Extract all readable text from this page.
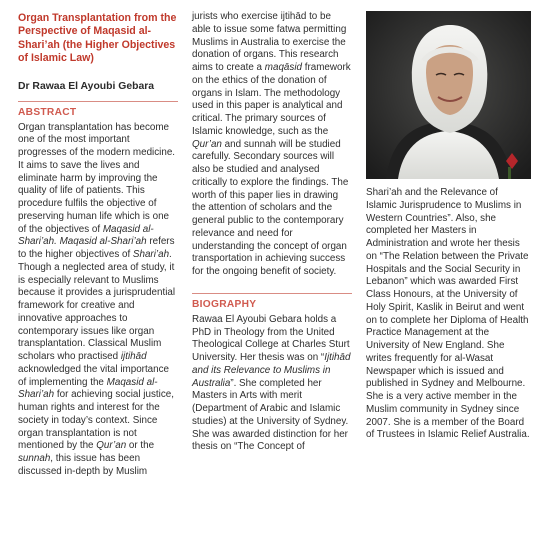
Organ Transplantation from the Perspective of Maqasid al-Shari’ah (the Higher Objectives of Islamic Law)
Dr Rawaa El Ayoubi Gebara
ABSTRACT
Organ transplantation has become one of the most important progresses of the modern medicine. It aims to save the lives and eliminate harm by improving the quality of life of patients. This procedure fulfils the objective of preserving human life which is one of the objectives of Maqasid al-Shari’ah. Maqasid al-Shari’ah refers to the higher objectives of Shari’ah. Though a neglected area of study, it is especially relevant to Muslims because it provides a jurisprudential framework for creative and innovative approaches to contemporary issues like organ transplantation. Classical Muslim scholars who practised ijtihād acknowledged the vital importance of implementing the Maqasid al-Shari’ah for achieving social justice, human rights and interest for the society in today’s context. Since organ transplantation is not mentioned by the Qur’an or the sunnah, this issue has been discussed in-depth by Muslim
jurists who exercise ijtihād to be able to issue some fatwa permitting Muslims in Australia to exercise the donation of organs. This research aims to create a maqāsid framework on the ethics of the donation of organs in Islam. The methodology used in this paper is analytical and critical. The primary sources of Islamic knowledge, such as the Qur’an and sunnah will be studied carefully. Secondary sources will also be studied and analysed critically to explore the findings. The worth of this paper lies in drawing the attention of scholars and the general public to the contemporary relevance and need for understanding the concept of organ transportation in achieving success for the ongoing benefit of society.
BIOGRAPHY
Rawaa El Ayoubi Gebara holds a PhD in Theology from the United Theological College at Charles Sturt University. Her thesis was on “Ijtihād and its Relevance to Muslims in Australia”. She completed her Masters in Arts with merit (Department of Arabic and Islamic studies) at the University of Sydney. She was awarded distinction for her thesis on “The Concept of
Shari’ah and the Relevance of Islamic Jurisprudence to Muslims in Western Countries”. Also, she completed her Masters in Administration and wrote her thesis on “The Relation between the Private Hospitals and the Social Security in Lebanon” which was awarded First Class Honours, at the University of Holy Spirit, Kaslik in Beirut and went on to complete her Diploma of Health Practice Management at the University of New England. She writes frequently for al-Wasat Newspaper which is issued and published in Sydney and Melbourne. She is a very active member in the Muslim community in Sydney since 2007. She is a member of the Board of Trustees in Islamic Relief Australia.
